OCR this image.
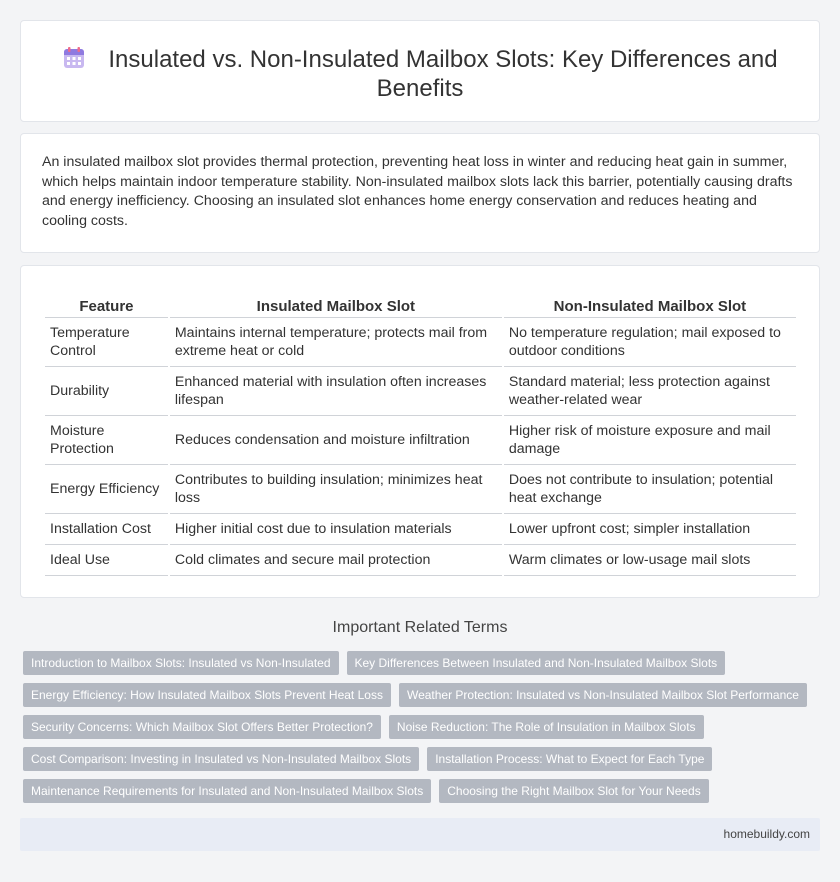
Insulated vs. Non-Insulated Mailbox Slots: Key Differences and Benefits

An insulated mailbox slot provides thermal protection, preventing heat loss in winter and reducing heat gain in summer, which helps maintain indoor temperature stability. Non-insulated mailbox slots lack this barrier, potentially causing drafts and energy inefficiency. Choosing an insulated slot enhances home energy conservation and reduces heating and cooling costs.

Feature	Insulated Mailbox Slot	Non-Insulated Mailbox Slot
Temperature Control	Maintains internal temperature; protects mail from extreme heat or cold	No temperature regulation; mail exposed to outdoor conditions
Durability	Enhanced material with insulation often increases lifespan	Standard material; less protection against weather-related wear
Moisture Protection	Reduces condensation and moisture infiltration	Higher risk of moisture exposure and mail damage
Energy Efficiency	Contributes to building insulation; minimizes heat loss	Does not contribute to insulation; potential heat exchange
Installation Cost	Higher initial cost due to insulation materials	Lower upfront cost; simpler installation
Ideal Use	Cold climates and secure mail protection	Warm climates or low-usage mail slots
Important Related Terms
Introduction to Mailbox Slots: Insulated vs Non-Insulated	Key Differences Between Insulated and Non-Insulated Mailbox Slots
Energy Efficiency: How Insulated Mailbox Slots Prevent Heat Loss	Weather Protection: Insulated vs Non-Insulated Mailbox Slot Performance
Security Concerns: Which Mailbox Slot Offers Better Protection?	Noise Reduction: The Role of Insulation in Mailbox Slots
Cost Comparison: Investing in Insulated vs Non-Insulated Mailbox Slots	Installation Process: What to Expect for Each Type
Maintenance Requirements for Insulated and Non-Insulated Mailbox Slots	Choosing the Right Mailbox Slot for Your Needs
homebuildy.com
